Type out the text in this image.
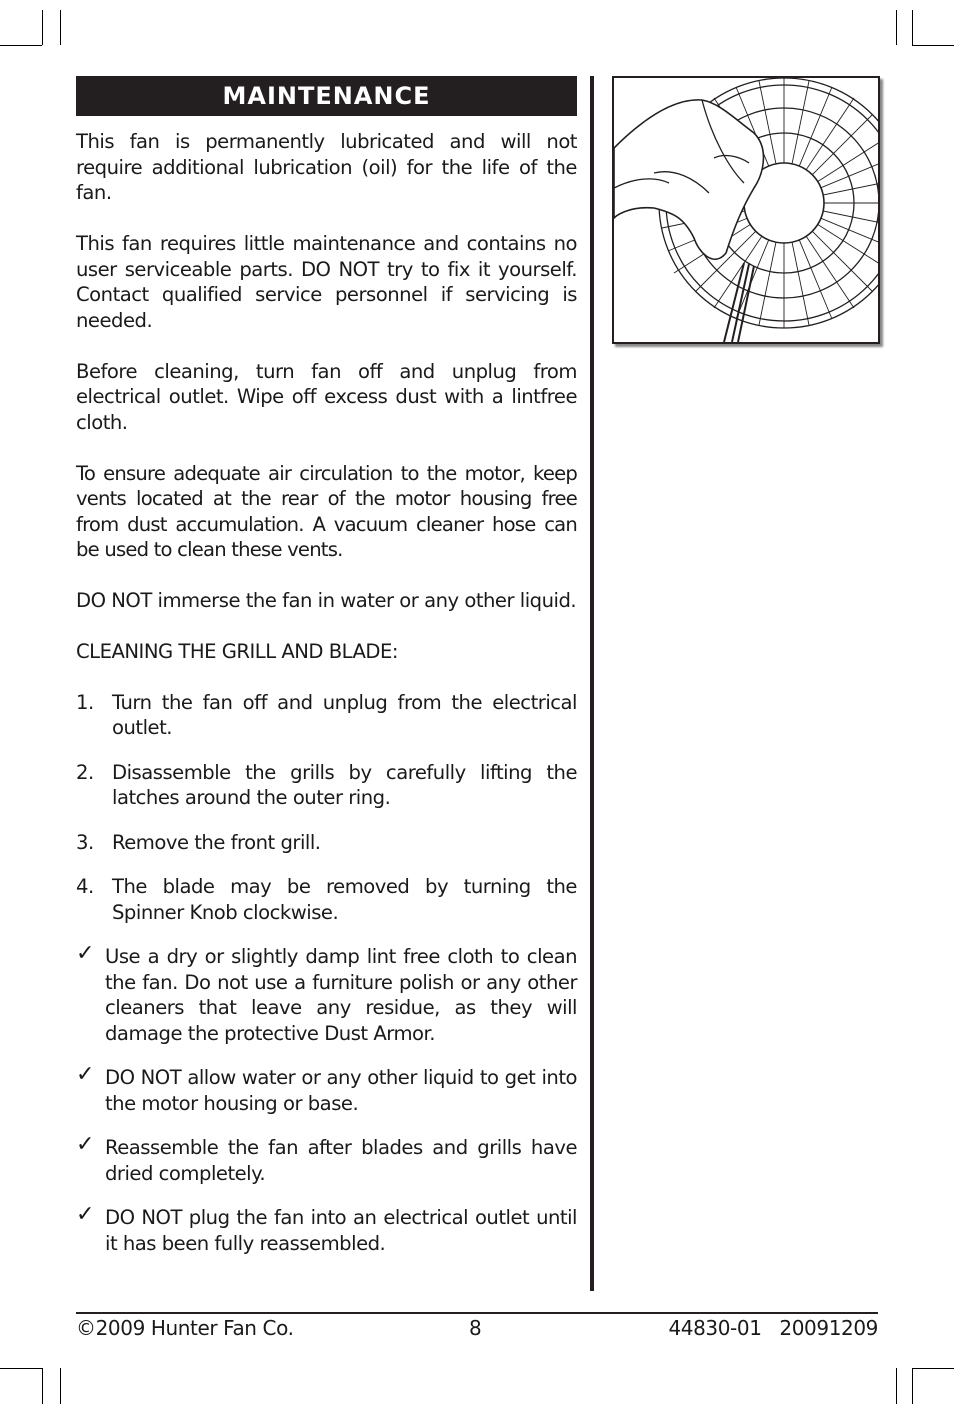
MAINTENANCE

This fan is permanently lubricated and will not require additional lubrication (oil) for the life of the fan.

This fan requires little maintenance and contains no user serviceable parts. DO NOT try to fix it yourself. Contact qualified service personnel if servicing is needed.

Before cleaning, turn fan off and unplug from electrical outlet. Wipe off excess dust with a lintfree cloth.

To ensure adequate air circulation to the motor, keep vents located at the rear of the motor housing free from dust accumulation. A vacuum cleaner hose can be used to clean these vents.

DO NOT immerse the fan in water or any other liquid.

CLEANING THE GRILL AND BLADE:

1. Turn the fan off and unplug from the electrical outlet.
2. Disassemble the grills by carefully lifting the latches around the outer ring.
3. Remove the front grill.
4. The blade may be removed by turning the Spinner Knob clockwise.
✓ Use a dry or slightly damp lint free cloth to clean the fan. Do not use a furniture polish or any other cleaners that leave any residue, as they will damage the protective Dust Armor.
✓ DO NOT allow water or any other liquid to get into the motor housing or base.
✓ Reassemble the fan after blades and grills have dried completely.
✓ DO NOT plug the fan into an electrical outlet until it has been fully reassembled.
©2009 Hunter Fan Co.	8	44830-01   20091209
